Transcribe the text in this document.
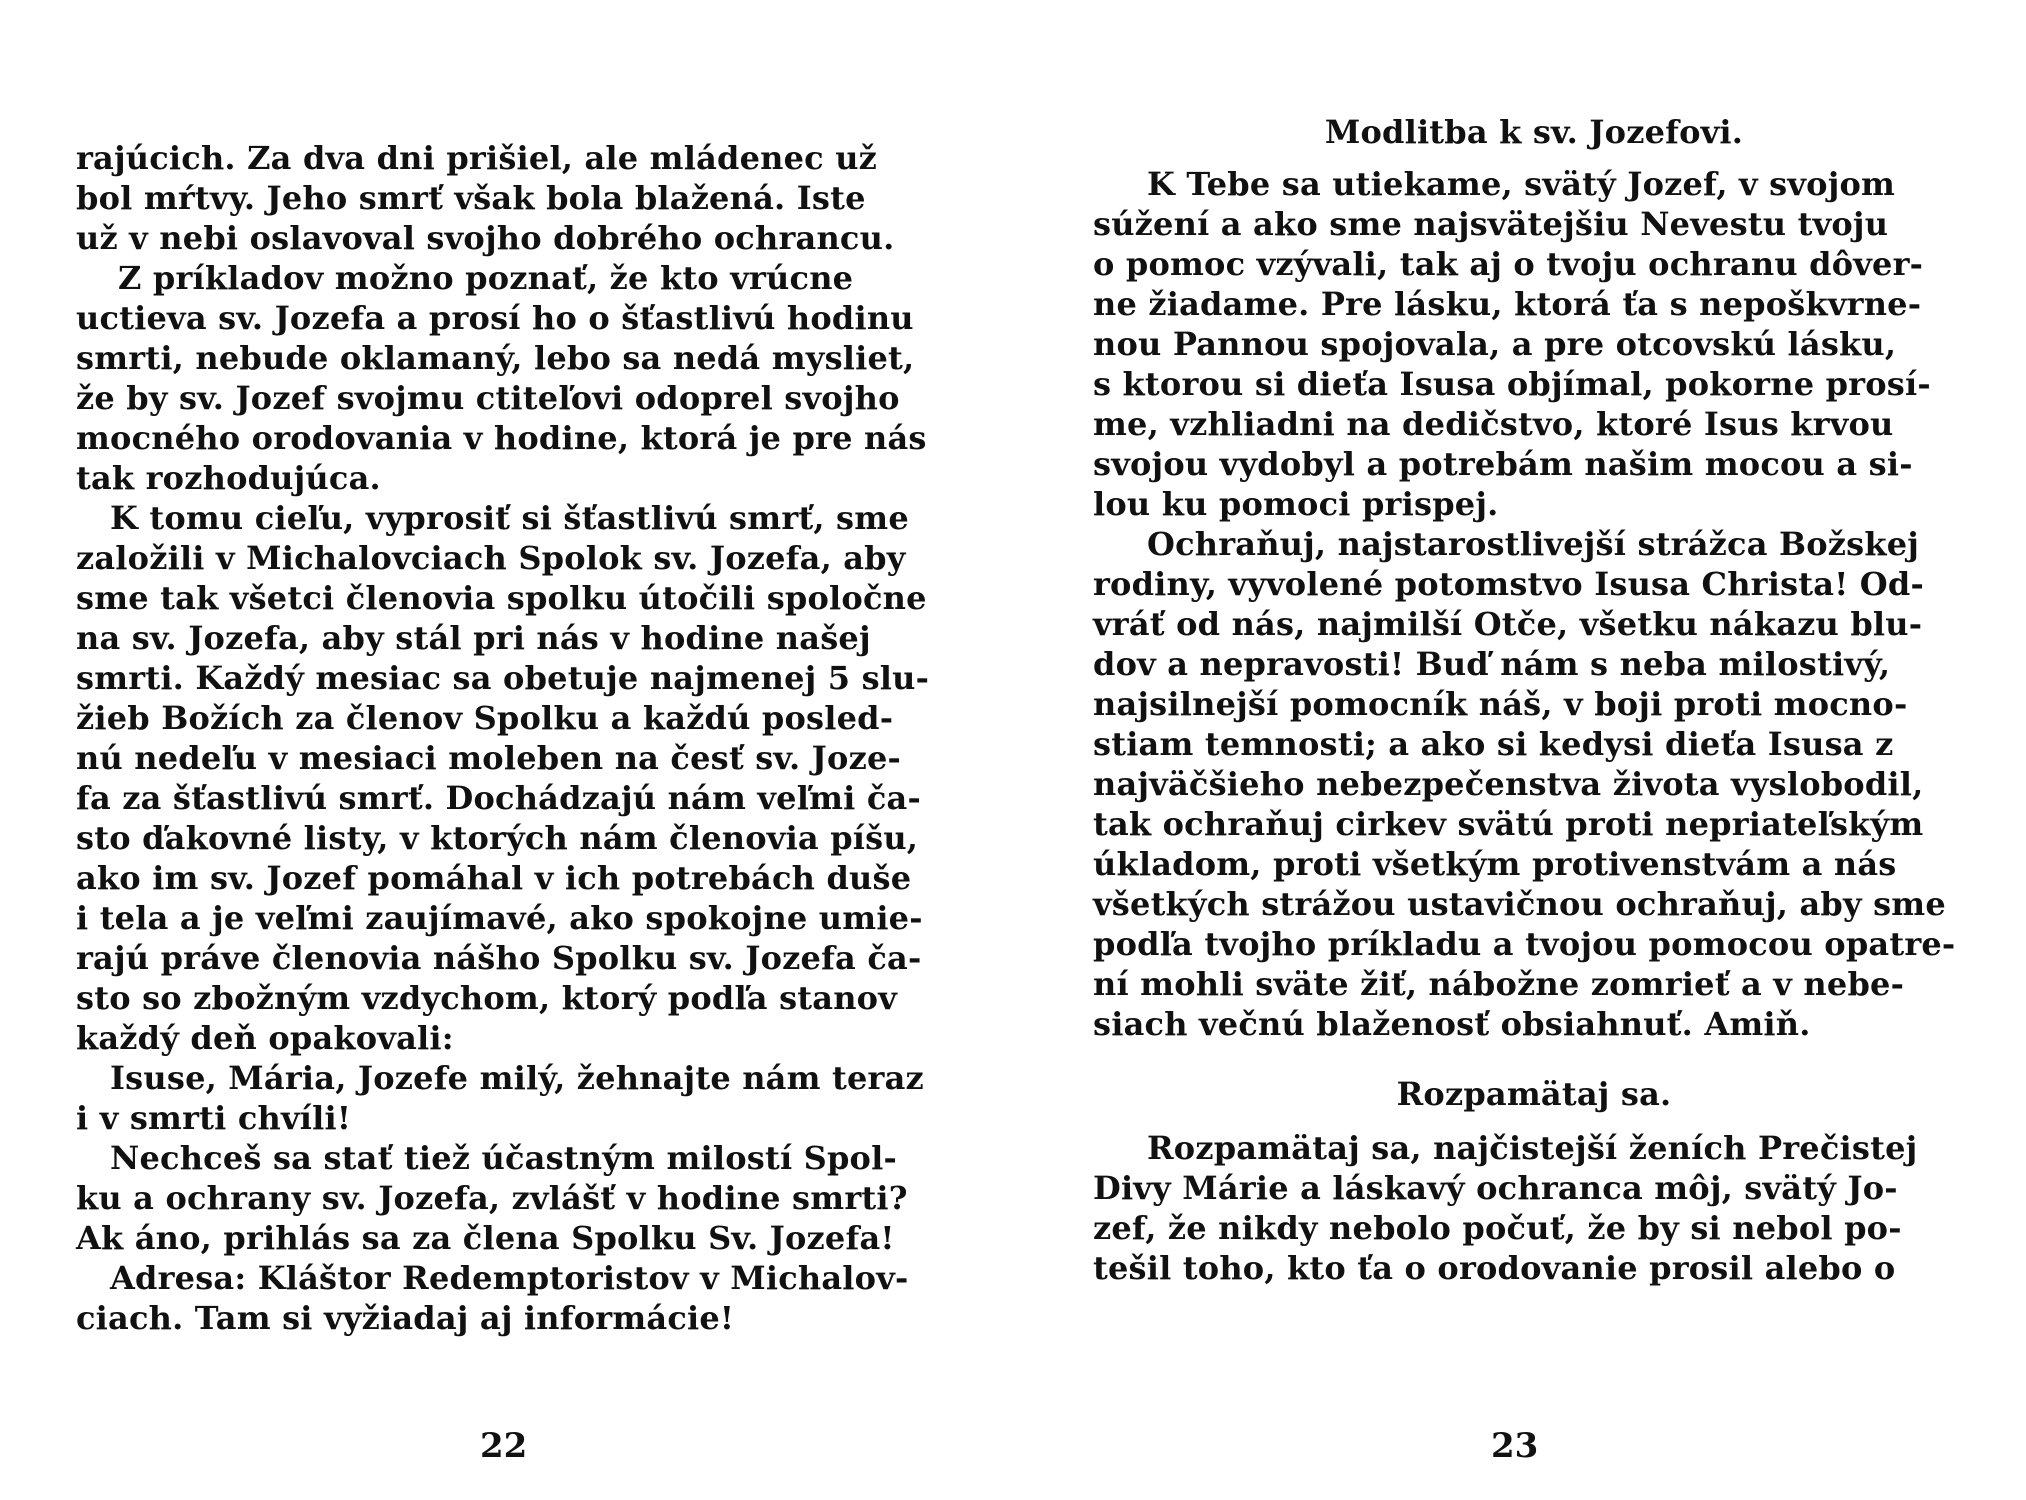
rajúcich. Za dva dni prišiel, ale mládenec už
bol mŕtvy. Jeho smrť však bola blažená. Iste
už v nebi oslavoval svojho dobrého ochrancu.
Z príkladov možno poznať, že kto vrúcne
uctieva sv. Jozefa a prosí ho o šťastlivú hodinu
smrti, nebude oklamaný, lebo sa nedá mysliet,
že by sv. Jozef svojmu ctiteľovi odoprel svojho
mocného orodovania v hodine, ktorá je pre nás
tak rozhodujúca.
K tomu cieľu, vyprosiť si šťastlivú smrť, sme
založili v Michalovciach Spolok sv. Jozefa, aby
sme tak všetci členovia spolku útočili spoločne
na sv. Jozefa, aby stál pri nás v hodine našej
smrti. Každý mesiac sa obetuje najmenej 5 slu-
žieb Božích za členov Spolku a každú posled-
nú nedeľu v mesiaci moleben na česť sv. Joze-
fa za šťastlivú smrť. Dochádzajú nám veľmi ča-
sto ďakovné listy, v ktorých nám členovia píšu,
ako im sv. Jozef pomáhal v ich potrebách duše
i tela a je veľmi zaujímavé, ako spokojne umie-
rajú práve členovia nášho Spolku sv. Jozefa ča-
sto so zbožným vzdychom, ktorý podľa stanov
každý deň opakovali:
Isuse, Mária, Jozefe milý, žehnajte nám teraz
i v smrti chvíli!
Nechceš sa stať tiež účastným milostí Spol-
ku a ochrany sv. Jozefa, zvlášť v hodine smrti?
Ak áno, prihlás sa za člena Spolku Sv. Jozefa!
Adresa: Kláštor Redemptoristov v Michalov-
ciach. Tam si vyžiadaj aj informácie!
22
Modlitba k sv. Jozefovi.
K Tebe sa utiekame, svätý Jozef, v svojom
súžení a ako sme najsvätejšiu Nevestu tvoju
o pomoc vzývali, tak aj o tvoju ochranu dôver-
ne žiadame. Pre lásku, ktorá ťa s nepoškvrne-
nou Pannou spojovala, a pre otcovskú lásku,
s ktorou si dieťa Isusa objímal, pokorne prosí-
me, vzhliadni na dedičstvo, ktoré Isus krvou
svojou vydobyl a potrebám našim mocou a si-
lou ku pomoci prispej.
Ochraňuj, najstarostlivejší strážca Božskej
rodiny, vyvolené potomstvo Isusa Christa! Od-
vráť od nás, najmilší Otče, všetku nákazu blu-
dov a nepravosti! Buď nám s neba milostivý,
najsilnejší pomocník náš, v boji proti mocno-
stiam temnosti; a ako si kedysi dieťa Isusa z
najväčšieho nebezpečenstva života vyslobodil,
tak ochraňuj cirkev svätú proti nepriateľským
úkladom, proti všetkým protivenstvám a nás
všetkých strážou ustavičnou ochraňuj, aby sme
podľa tvojho príkladu a tvojou pomocou opatre-
ní mohli sväte žiť, nábožne zomrieť a v nebe-
siach večnú blaženosť obsiahnuť. Amiň.
Rozpamätaj sa.
Rozpamätaj sa, najčistejší ženích Prečistej
Divy Márie a láskavý ochranca môj, svätý Jo-
zef, že nikdy nebolo počuť, že by si nebol po-
tešil toho, kto ťa o orodovanie prosil alebo o
23
